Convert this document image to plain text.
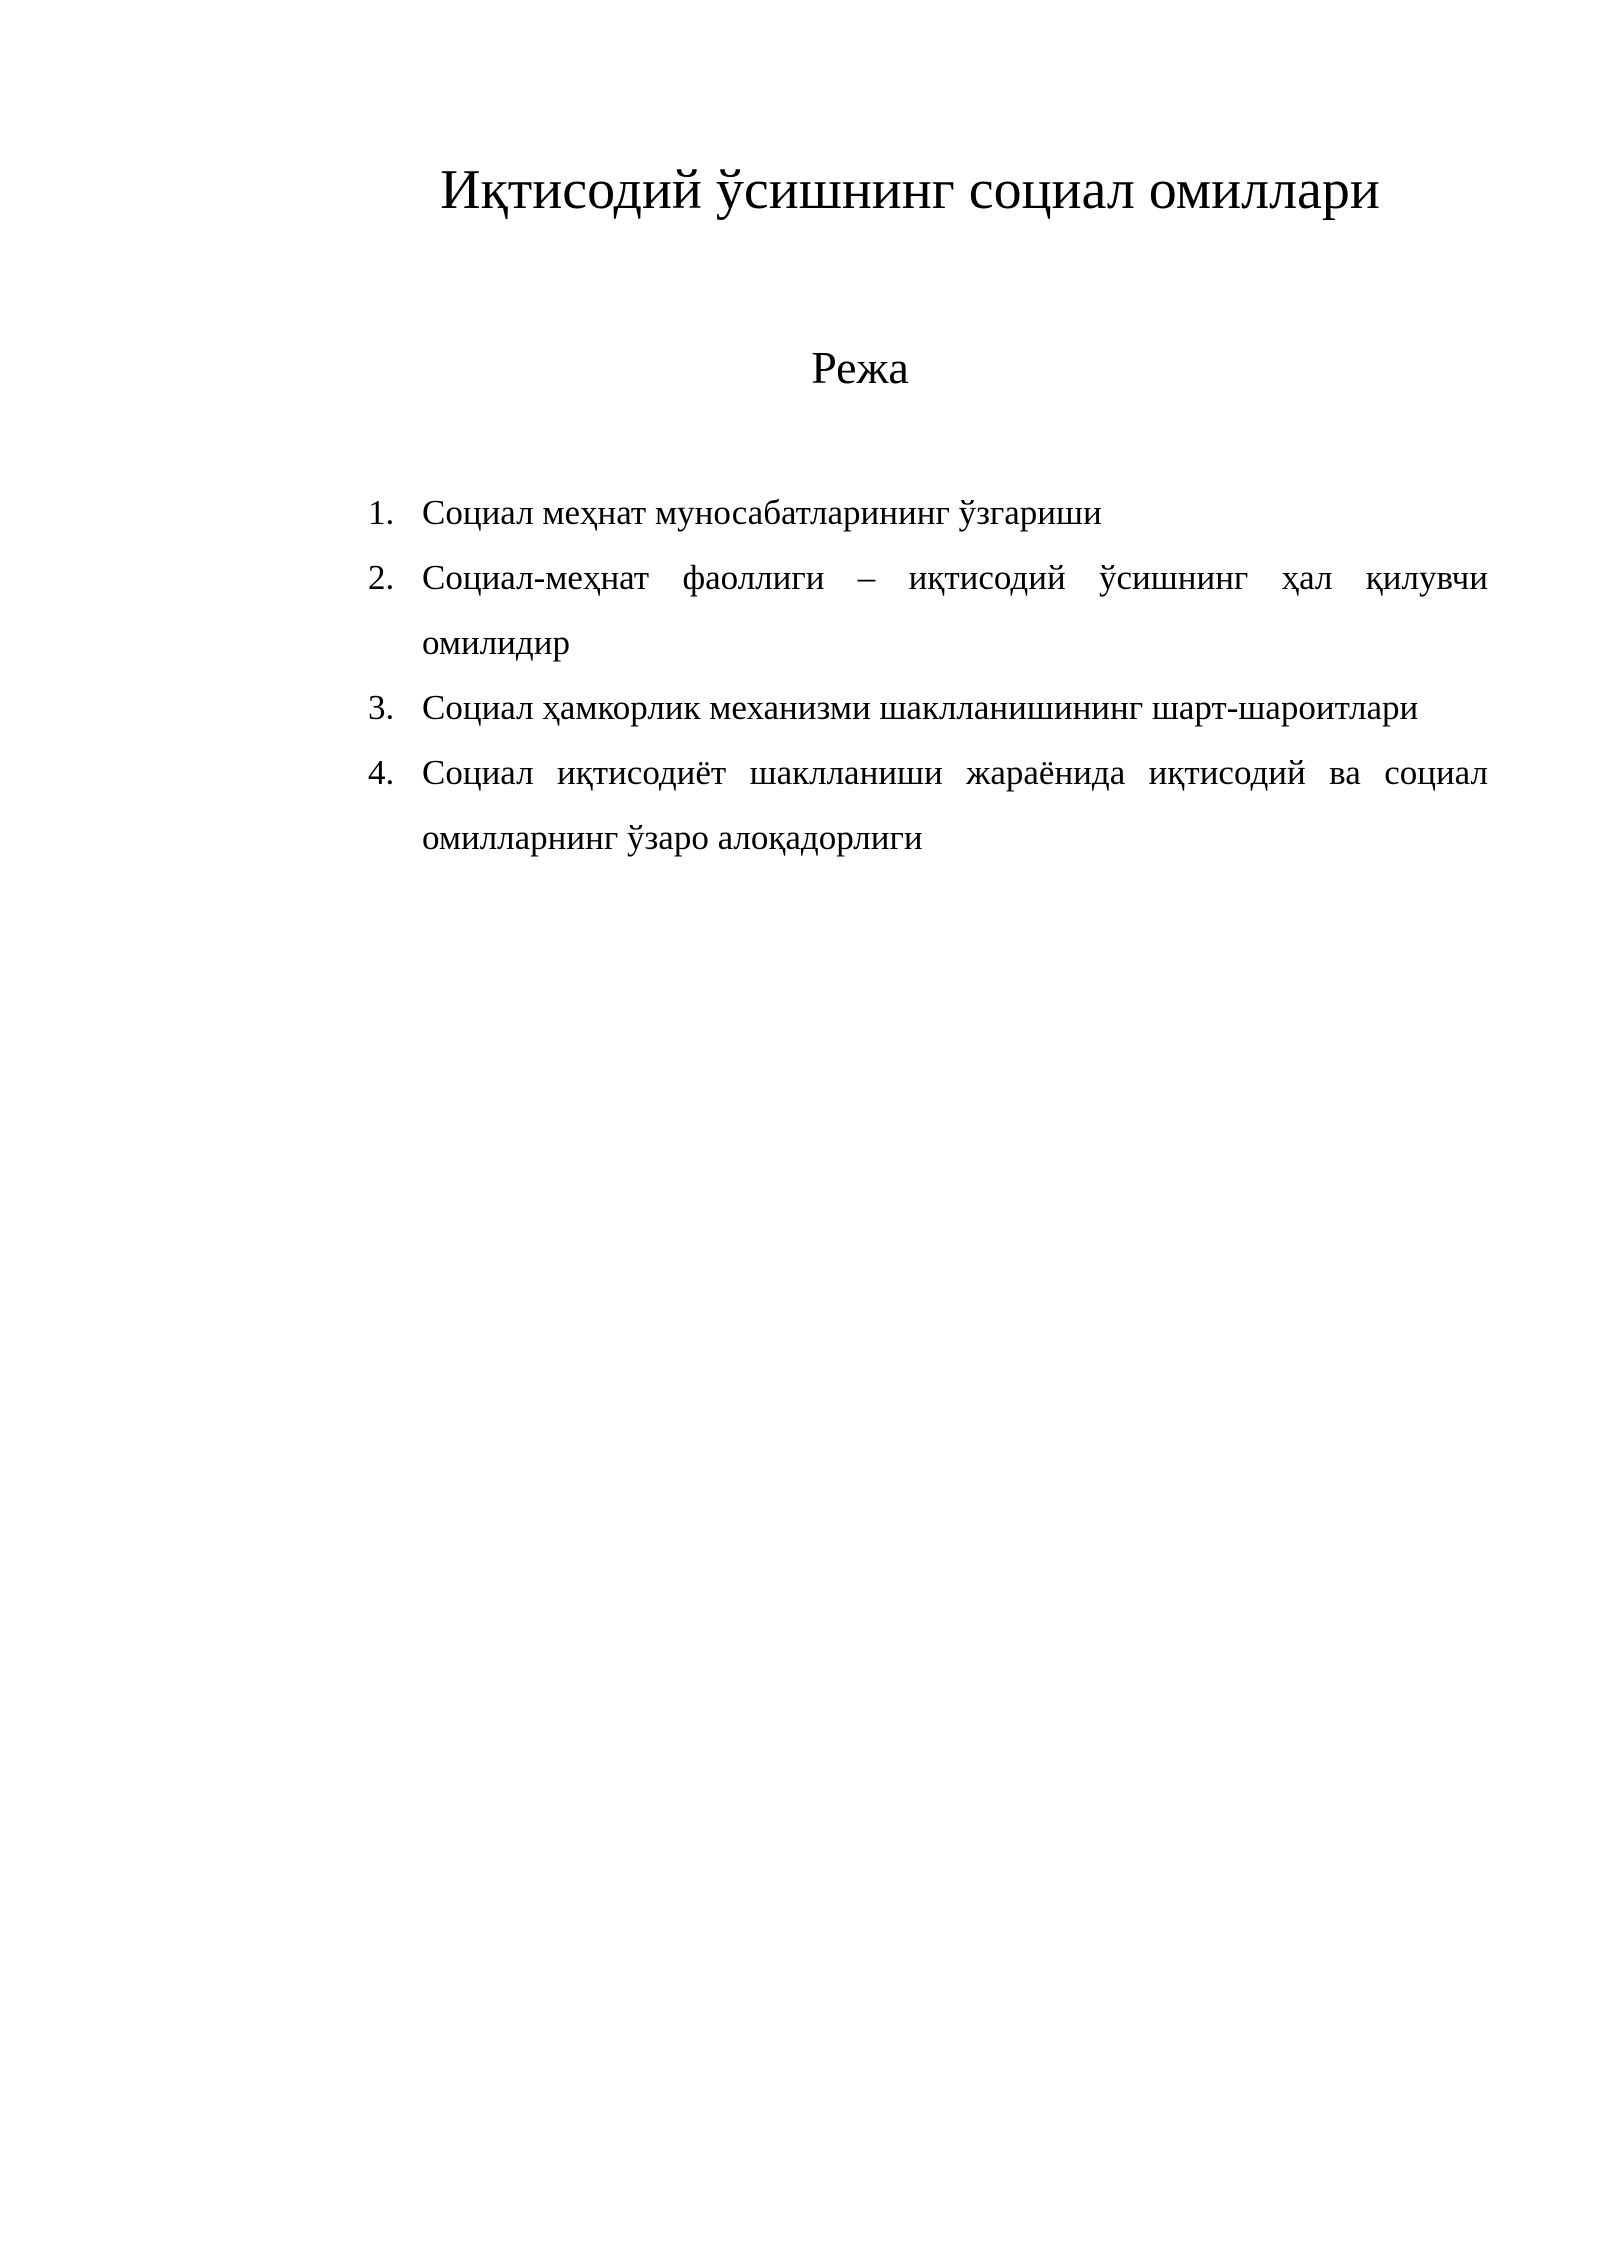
Иқтисодий ўсишнинг социал омиллари
Режа
1. Социал меҳнат муносабатларининг ўзгариши
2. Социал-меҳнат фаоллиги – иқтисодий ўсишнинг ҳал қилувчи омилидир
3. Социал ҳамкорлик механизми шаклланишининг шарт-шароитлари
4. Социал иқтисодиёт шаклланиши жараёнида иқтисодий ва социал омилларнинг ўзаро алоқадорлиги
